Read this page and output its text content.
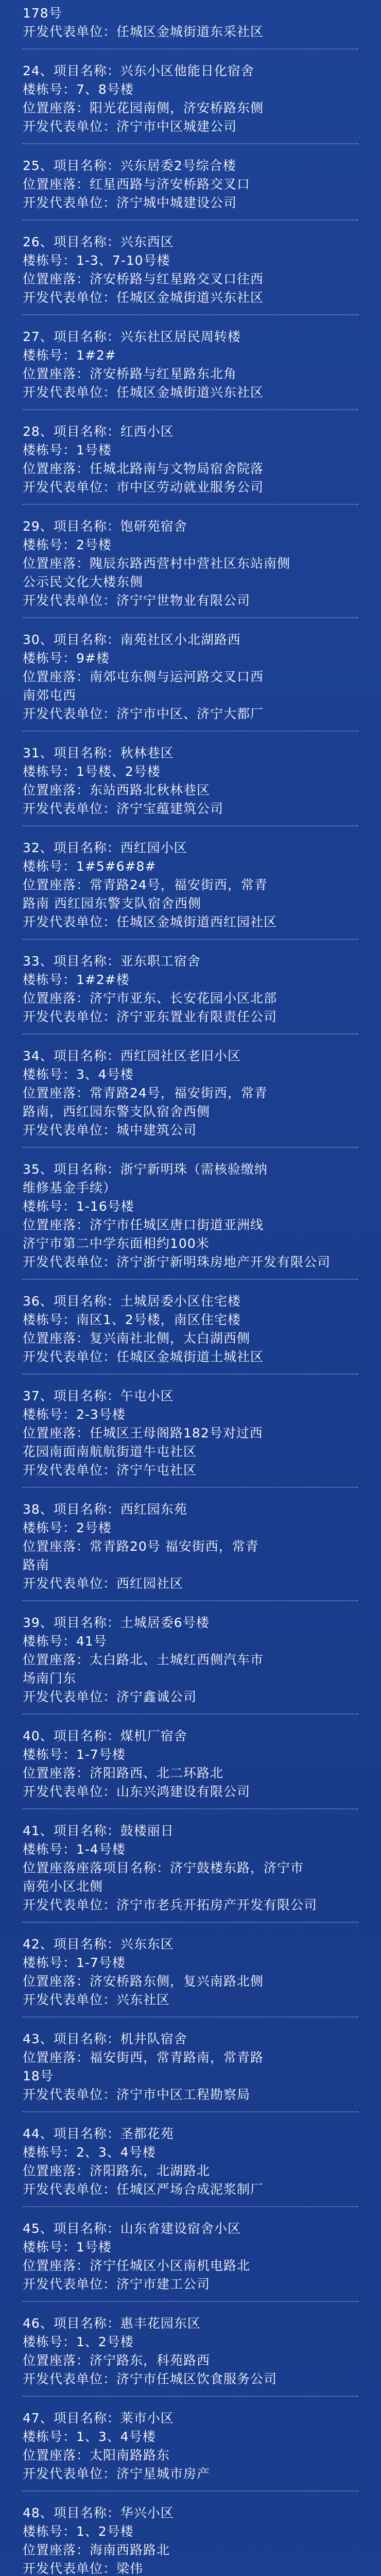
178号
开发代表单位：任城区金城街道东采社区
24、项目名称：兴东小区他能日化宿舍
楼栋号：7、8号楼
位置座落：阳光花园南侧，济安桥路东侧
开发代表单位：济宁市中区城建公司
25、项目名称：兴东居委2号综合楼
位置座落：红星西路与济安桥路交叉口
开发代表单位：济宁城中城建设公司
26、项目名称：兴东西区
楼栋号：1-3、7-10号楼
位置座落：济安桥路与红星路交叉口往西
开发代表单位：任城区金城街道兴东社区
27、项目名称：兴东社区居民周转楼
楼栋号：1#2#
位置座落：济安桥路与红星路东北角
开发代表单位：任城区金城街道兴东社区
28、项目名称：红西小区
楼栋号：1号楼
位置座落：任城北路南与文物局宿舍院落
开发代表单位：市中区劳动就业服务公司
29、项目名称：饱研苑宿舍
楼栋号：2号楼
位置座落：隗辰东路西营村中营社区东站南侧
公示民文化大楼东侧
开发代表单位：济宁宁世物业有限公司
30、项目名称：南苑社区小北湖路西
楼栋号：9#楼
位置座落：南郊屯东侧与运河路交叉口西
南郊屯西
开发代表单位：济宁市中区、济宁大都厂
31、项目名称：秋林巷区
楼栋号：1号楼、2号楼
位置座落：东站西路北秋林巷区
开发代表单位：济宁宝蕴建筑公司
32、项目名称：西红园小区
楼栋号：1#5#6#8#
位置座落：常青路24号，福安街西，常青
路南 西红园东警支队宿舍西侧
开发代表单位：任城区金城街道西红园社区
33、项目名称：亚东职工宿舍
楼栋号：1#2#楼
位置座落：济宁市亚东、长安花园小区北部
开发代表单位：济宁亚东置业有限责任公司
34、项目名称：西红园社区老旧小区
楼栋号：3、4号楼
位置座落：常青路24号，福安街西，常青
路南，西红园东警支队宿舍西侧
开发代表单位：城中建筑公司
35、项目名称：浙宁新明珠（需核验缴纳
维修基金手续）
楼栋号：1-16号楼
位置座落：济宁市任城区唐口街道亚洲线
济宁市第二中学东面相约100米
开发代表单位：济宁浙宁新明珠房地产开发有限公司
36、项目名称：土城居委小区住宅楼
楼栋号：南区1、2号楼，南区住宅楼
位置座落：复兴南社北侧，太白湖西侧
开发代表单位：任城区金城街道土城社区
37、项目名称：午屯小区
楼栋号：2-3号楼
位置座落：任城区王母阁路182号对过西
花园南面南航航街道牛屯社区
开发代表单位：济宁午屯社区
38、项目名称：西红园东苑
楼栋号：2号楼
位置座落：常青路20号 福安街西，常青
路南
开发代表单位：西红园社区
39、项目名称：土城居委6号楼
楼栋号：41号
位置座落：太白路北、土城红西侧汽车市
场南门东
开发代表单位：济宁鑫诚公司
40、项目名称：煤机厂宿舍
楼栋号：1-7号楼
位置座落：济阳路西、北二环路北
开发代表单位：山东兴鸿建设有限公司
41、项目名称：鼓楼丽日
楼栋号：1-4号楼
位置座落座落项目名称：济宁鼓楼东路，济宁市
南苑小区北侧
开发代表单位：济宁市老兵开拓房产开发有限公司
42、项目名称：兴东东区
楼栋号：1-7号楼
位置座落：济安桥路东侧，复兴南路北侧
开发代表单位：兴东社区
43、项目名称：机井队宿舍
位置座落：福安街西，常青路南，常青路
18号
开发代表单位：济宁市中区工程勘察局
44、项目名称：圣都花苑
楼栋号：2、3、4号楼
位置座落：济阳路东，北湖路北
开发代表单位：任城区严场合成泥浆制厂
45、项目名称：山东省建设宿舍小区
楼栋号：1号楼
位置座落：济宁任城区小区南机电路北
开发代表单位：济宁市建工公司
46、项目名称：惠丰花园东区
楼栋号：1、2号楼
位置座落：济宁路东，科苑路西
开发代表单位：济宁市任城区饮食服务公司
47、项目名称：莱市小区
楼栋号：1、3、4号楼
位置座落：太阳南路路东
开发代表单位：济宁星城市房产
48、项目名称：华兴小区
楼栋号：1、2号楼
位置座落：海南西路路北
开发代表单位：梁伟
